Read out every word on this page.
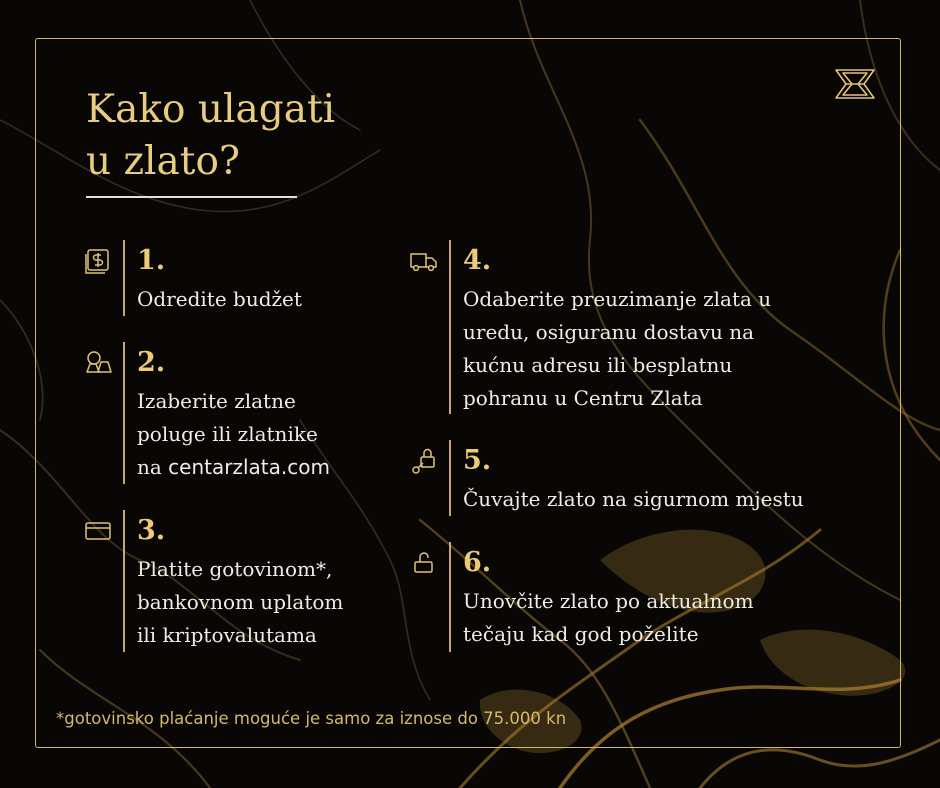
Kako ulagati
u zlato?
1.

Odredite budžet

2.

Izaberite zlatne
poluge ili zlatnike
na centarzlata.com

3.

Platite gotovinom*,
bankovnom uplatom
ili kriptovalutama

4.

Odaberite preuzimanje zlata u
uredu, osiguranu dostavu na
kućnu adresu ili besplatnu
pohranu u Centru Zlata

5.

Čuvajte zlato na sigurnom mjestu

6.

Unovčite zlato po aktualnom
tečaju kad god poželite

*gotovinsko plaćanje moguće je samo za iznose do 75.000 kn
